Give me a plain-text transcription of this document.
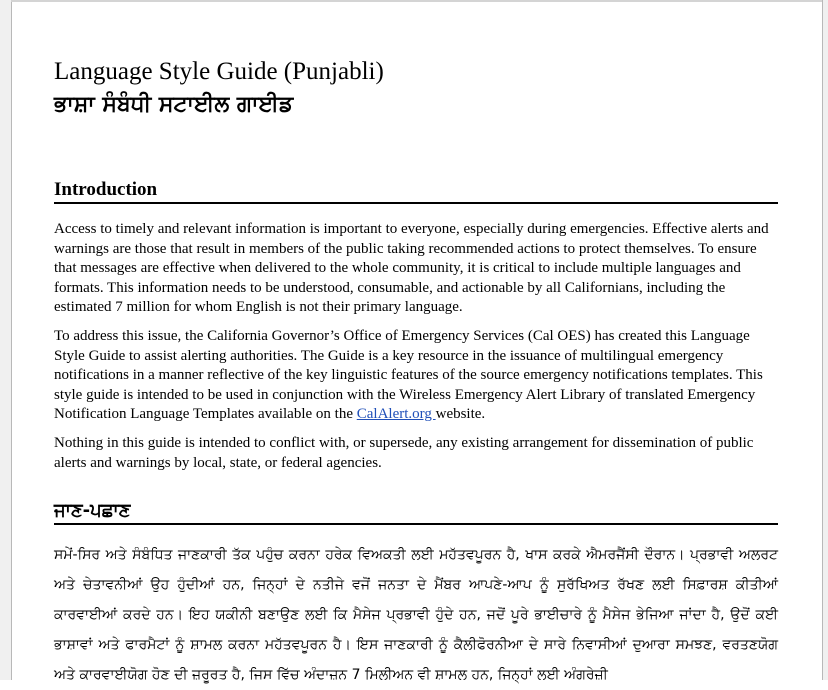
Language Style Guide (Punjabli)
ਭਾਸ਼ਾ ਸੰਬੰਧੀ ਸਟਾਈਲ ਗਾਈਡ
Introduction

Access to timely and relevant information is important to everyone, especially during emergencies. Effective alerts and warnings are those that result in members of the public taking recommended actions to protect themselves. To ensure that messages are effective when delivered to the whole community, it is critical to include multiple languages and formats. This information needs to be understood, consumable, and actionable by all Californians, including the estimated 7 million for whom English is not their primary language.

To address this issue, the California Governor’s Office of Emergency Services (Cal OES) has created this Language Style Guide to assist alerting authorities. The Guide is a key resource in the issuance of multilingual emergency notifications in a manner reflective of the key linguistic features of the source emergency notifications templates. This style guide is intended to be used in conjunction with the Wireless Emergency Alert Library of translated Emergency Notification Language Templates available on the CalAlert.org website.

Nothing in this guide is intended to conflict with, or supersede, any existing arrangement for dissemination of public alerts and warnings by local, state, or federal agencies.

ਜਾਣ-ਪਛਾਣ

ਸਮੇਂ-ਸਿਰ ਅਤੇ ਸੰਬੰਧਿਤ ਜਾਣਕਾਰੀ ਤੱਕ ਪਹੁੰਚ ਕਰਨਾ ਹਰੇਕ ਵਿਅਕਤੀ ਲਈ ਮਹੱਤਵਪੂਰਨ ਹੈ, ਖਾਸ ਕਰਕੇ ਐਮਰਜੈਂਸੀ ਦੌਰਾਨ। ਪ੍ਰਭਾਵੀ ਅਲਰਟ ਅਤੇ ਚੇਤਾਵਨੀਆਂ ਉਹ ਹੁੰਦੀਆਂ ਹਨ, ਜਿਨ੍ਹਾਂ ਦੇ ਨਤੀਜੇ ਵਜੋਂ ਜਨਤਾ ਦੇ ਮੈਂਬਰ ਆਪਣੇ-ਆਪ ਨੂੰ ਸੁਰੱਖਿਅਤ ਰੱਖਣ ਲਈ ਸਿਫ਼ਾਰਸ਼ ਕੀਤੀਆਂ ਕਾਰਵਾਈਆਂ ਕਰਦੇ ਹਨ। ਇਹ ਯਕੀਨੀ ਬਣਾਉਣ ਲਈ ਕਿ ਮੈਸੇਜ ਪ੍ਰਭਾਵੀ ਹੁੰਦੇ ਹਨ, ਜਦੋਂ ਪੂਰੇ ਭਾਈਚਾਰੇ ਨੂੰ ਮੈਸੇਜ ਭੇਜਿਆ ਜਾਂਦਾ ਹੈ, ਉਦੋਂ ਕਈ ਭਾਸ਼ਾਵਾਂ ਅਤੇ ਫਾਰਮੈਟਾਂ ਨੂੰ ਸ਼ਾਮਲ ਕਰਨਾ ਮਹੱਤਵਪੂਰਨ ਹੈ। ਇਸ ਜਾਣਕਾਰੀ ਨੂੰ ਕੈਲੀਫੋਰਨੀਆ ਦੇ ਸਾਰੇ ਨਿਵਾਸੀਆਂ ਦੁਆਰਾ ਸਮਝਣ, ਵਰਤਣਯੋਗ ਅਤੇ ਕਾਰਵਾਈਯੋਗ ਹੋਣ ਦੀ ਜ਼ਰੂਰਤ ਹੈ, ਜਿਸ ਵਿੱਚ ਅੰਦਾਜ਼ਨ 7 ਮਿਲੀਅਨ ਵੀ ਸ਼ਾਮਲ ਹਨ, ਜਿਨ੍ਹਾਂ ਲਈ ਅੰਗਰੇਜ਼ੀ
